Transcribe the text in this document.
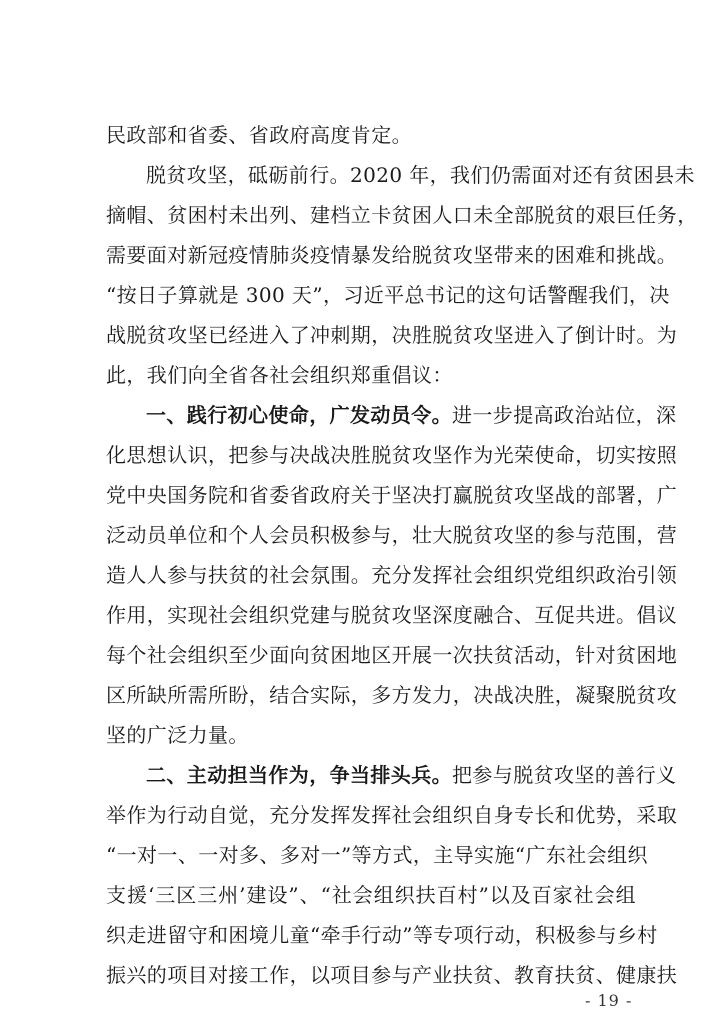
民政部和省委、省政府高度肯定。
脱贫攻坚，砥砺前行。2020 年，我们仍需面对还有贫困县未
摘帽、贫困村未出列、建档立卡贫困人口未全部脱贫的艰巨任务，
需要面对新冠疫情肺炎疫情暴发给脱贫攻坚带来的困难和挑战。
“按日子算就是 300 天”，习近平总书记的这句话警醒我们，决
战脱贫攻坚已经进入了冲刺期，决胜脱贫攻坚进入了倒计时。为
此，我们向全省各社会组织郑重倡议：
一、践行初心使命，广发动员令。进一步提高政治站位，深
化思想认识，把参与决战决胜脱贫攻坚作为光荣使命，切实按照
党中央国务院和省委省政府关于坚决打赢脱贫攻坚战的部署，广
泛动员单位和个人会员积极参与，壮大脱贫攻坚的参与范围，营
造人人参与扶贫的社会氛围。充分发挥社会组织党组织政治引领
作用，实现社会组织党建与脱贫攻坚深度融合、互促共进。倡议
每个社会组织至少面向贫困地区开展一次扶贫活动，针对贫困地
区所缺所需所盼，结合实际，多方发力，决战决胜，凝聚脱贫攻
坚的广泛力量。
二、主动担当作为，争当排头兵。把参与脱贫攻坚的善行义
举作为行动自觉，充分发挥发挥社会组织自身专长和优势，采取
“一对一、一对多、多对一”等方式，主导实施“广东社会组织
支援‘三区三州’建设”、“社会组织扶百村”以及百家社会组
织走进留守和困境儿童“牵手行动”等专项行动，积极参与乡村
振兴的项目对接工作，以项目参与产业扶贫、教育扶贫、健康扶
- 19 -
